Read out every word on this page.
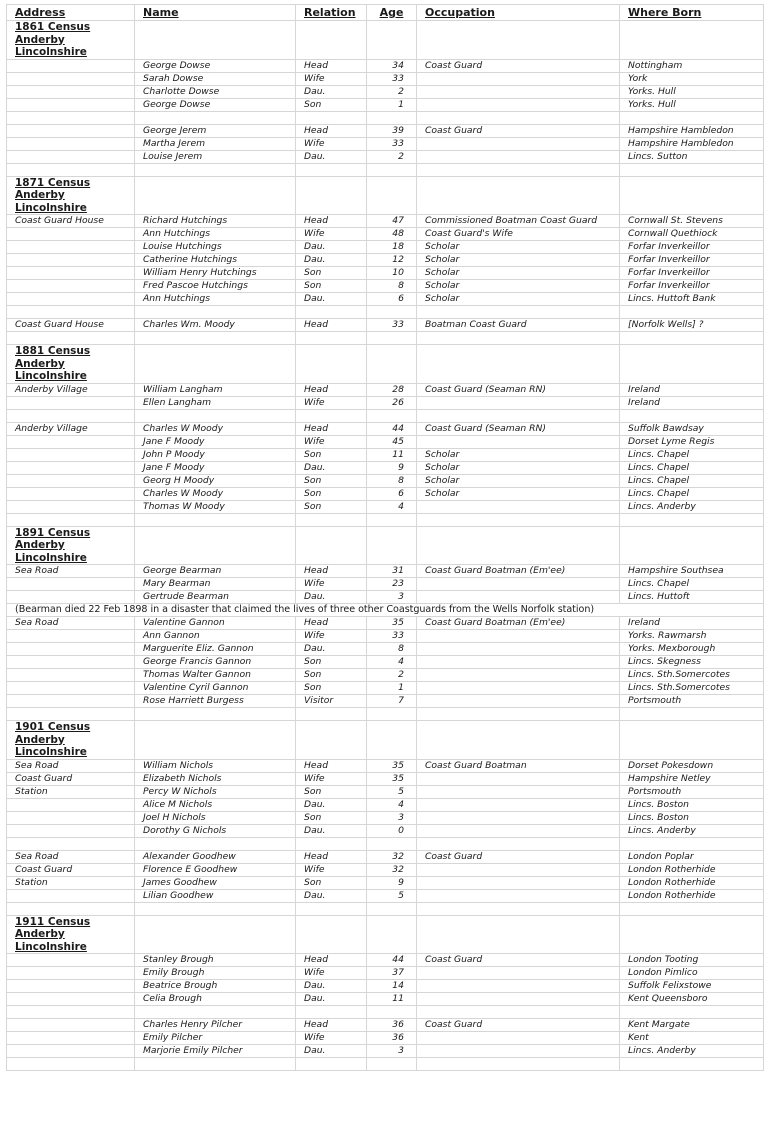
Address	Name	Relation	Age	Occupation	Where Born

1861 Census
Anderby
Lincolnshire					

	George Dowse	Head	34	Coast Guard	Nottingham
	Sarah Dowse	Wife	33		York
	Charlotte Dowse	Dau.	2		Yorks. Hull
	George Dowse	Son	1		Yorks. Hull

	George Jerem	Head	39	Coast Guard	Hampshire Hambledon
	Martha Jerem	Wife	33		Hampshire Hambledon
	Louise Jerem	Dau.	2		Lincs. Sutton

1871 Census
Anderby
Lincolnshire					

Coast Guard House	Richard Hutchings	Head	47	Commissioned Boatman Coast Guard	Cornwall St. Stevens
	Ann Hutchings	Wife	48	Coast Guard's Wife	Cornwall Quethiock
	Louise Hutchings	Dau.	18	Scholar	Forfar Inverkeillor
	Catherine Hutchings	Dau.	12	Scholar	Forfar Inverkeillor
	William Henry Hutchings	Son	10	Scholar	Forfar Inverkeillor
	Fred Pascoe Hutchings	Son	8	Scholar	Forfar Inverkeillor
	Ann Hutchings	Dau.	6	Scholar	Lincs. Huttoft Bank

Coast Guard House	Charles Wm. Moody	Head	33	Boatman Coast Guard	[Norfolk Wells] ?

1881 Census
Anderby
Lincolnshire					

Anderby Village	William Langham	Head	28	Coast Guard (Seaman RN)	Ireland
	Ellen Langham	Wife	26		Ireland

Anderby Village	Charles W Moody	Head	44	Coast Guard (Seaman RN)	Suffolk Bawdsay
	Jane F Moody	Wife	45		Dorset Lyme Regis
	John P Moody	Son	11	Scholar	Lincs. Chapel
	Jane F Moody	Dau.	9	Scholar	Lincs. Chapel
	Georg H Moody	Son	8	Scholar	Lincs. Chapel
	Charles W Moody	Son	6	Scholar	Lincs. Chapel
	Thomas W Moody	Son	4		Lincs. Anderby

1891 Census
Anderby
Lincolnshire					

Sea Road	George Bearman	Head	31	Coast Guard Boatman (Em'ee)	Hampshire Southsea
	Mary Bearman	Wife	23		Lincs. Chapel
	Gertrude Bearman	Dau.	3		Lincs. Huttoft
(Bearman died 22 Feb 1898 in a disaster that claimed the lives of three other Coastguards from the Wells Norfolk station)					
Sea Road	Valentine Gannon	Head	35	Coast Guard Boatman (Em'ee)	Ireland
	Ann Gannon	Wife	33		Yorks. Rawmarsh
	Marguerite Eliz. Gannon	Dau.	8		Yorks. Mexborough
	George Francis Gannon	Son	4		Lincs. Skegness
	Thomas Walter Gannon	Son	2		Lincs. Sth.Somercotes
	Valentine Cyril Gannon	Son	1		Lincs. Sth.Somercotes
	Rose Harriett Burgess	Visitor	7		Portsmouth

1901 Census
Anderby
Lincolnshire					

Sea Road	William Nichols	Head	35	Coast Guard Boatman	Dorset Pokesdown
Coast Guard	Elizabeth Nichols	Wife	35		Hampshire Netley
Station	Percy W Nichols	Son	5		Portsmouth
	Alice M Nichols	Dau.	4		Lincs. Boston
	Joel H Nichols	Son	3		Lincs. Boston
	Dorothy G Nichols	Dau.	0		Lincs. Anderby

Sea Road	Alexander Goodhew	Head	32	Coast Guard	London Poplar
Coast Guard	Florence E Goodhew	Wife	32		London Rotherhide
Station	James Goodhew	Son	9		London Rotherhide
	Lilian Goodhew	Dau.	5		London Rotherhide

1911 Census
Anderby
Lincolnshire					

	Stanley Brough	Head	44	Coast Guard	London Tooting
	Emily Brough	Wife	37		London Pimlico
	Beatrice Brough	Dau.	14		Suffolk Felixstowe
	Celia Brough	Dau.	11		Kent Queensboro

	Charles Henry Pilcher	Head	36	Coast Guard	Kent Margate
	Emily Pilcher	Wife	36		Kent
	Marjorie Emily Pilcher	Dau.	3		Lincs. Anderby
